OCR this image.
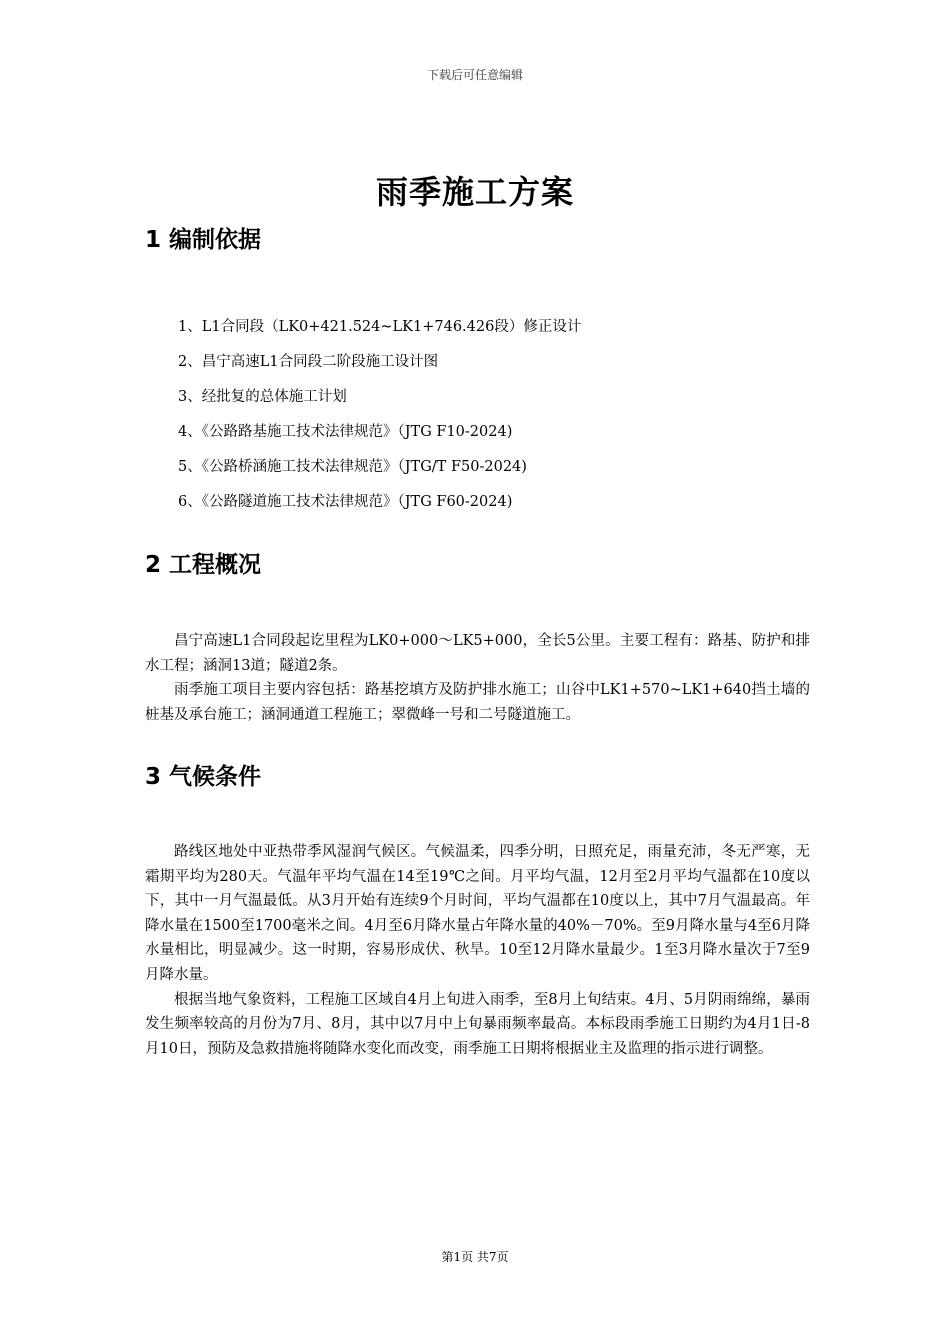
下载后可任意编辑
雨季施工方案
1 编制依据
1、L1合同段（LK0+421.524~LK1+746.426段）修正设计
2、昌宁高速L1合同段二阶段施工设计图
3、经批复的总体施工计划
4、《公路路基施工技术法律规范》（JTG F10-2024)
5、《公路桥涵施工技术法律规范》（JTG/T F50-2024)
6、《公路隧道施工技术法律规范》（JTG F60-2024)
2 工程概况

昌宁高速L1合同段起讫里程为LK0+000～LK5+000，全长5公里。主要工程有：路基、防护和排水工程；涵洞13道；隧道2条。

雨季施工项目主要内容包括：路基挖填方及防护排水施工；山谷中LK1+570~LK1+640挡土墙的桩基及承台施工；涵洞通道工程施工；翠微峰一号和二号隧道施工。

3 气候条件

路线区地处中亚热带季风湿润气候区。气候温柔，四季分明，日照充足，雨量充沛，冬无严寒，无霜期平均为280天。气温年平均气温在14至19℃之间。月平均气温，12月至2月平均气温都在10度以下，其中一月气温最低。从3月开始有连续9个月时间，平均气温都在10度以上，其中7月气温最高。年降水量在1500至1700毫米之间。4月至6月降水量占年降水量的40%－70%。至9月降水量与4至6月降水量相比，明显减少。这一时期，容易形成伏、秋旱。10至12月降水量最少。1至3月降水量次于7至9月降水量。

根据当地气象资料，工程施工区域自4月上旬进入雨季，至8月上旬结束。4月、5月阴雨绵绵，暴雨发生频率较高的月份为7月、8月，其中以7月中上旬暴雨频率最高。本标段雨季施工日期约为4月1日-8月10日，预防及急救措施将随降水变化而改变，雨季施工日期将根据业主及监理的指示进行调整。

第1页 共7页
